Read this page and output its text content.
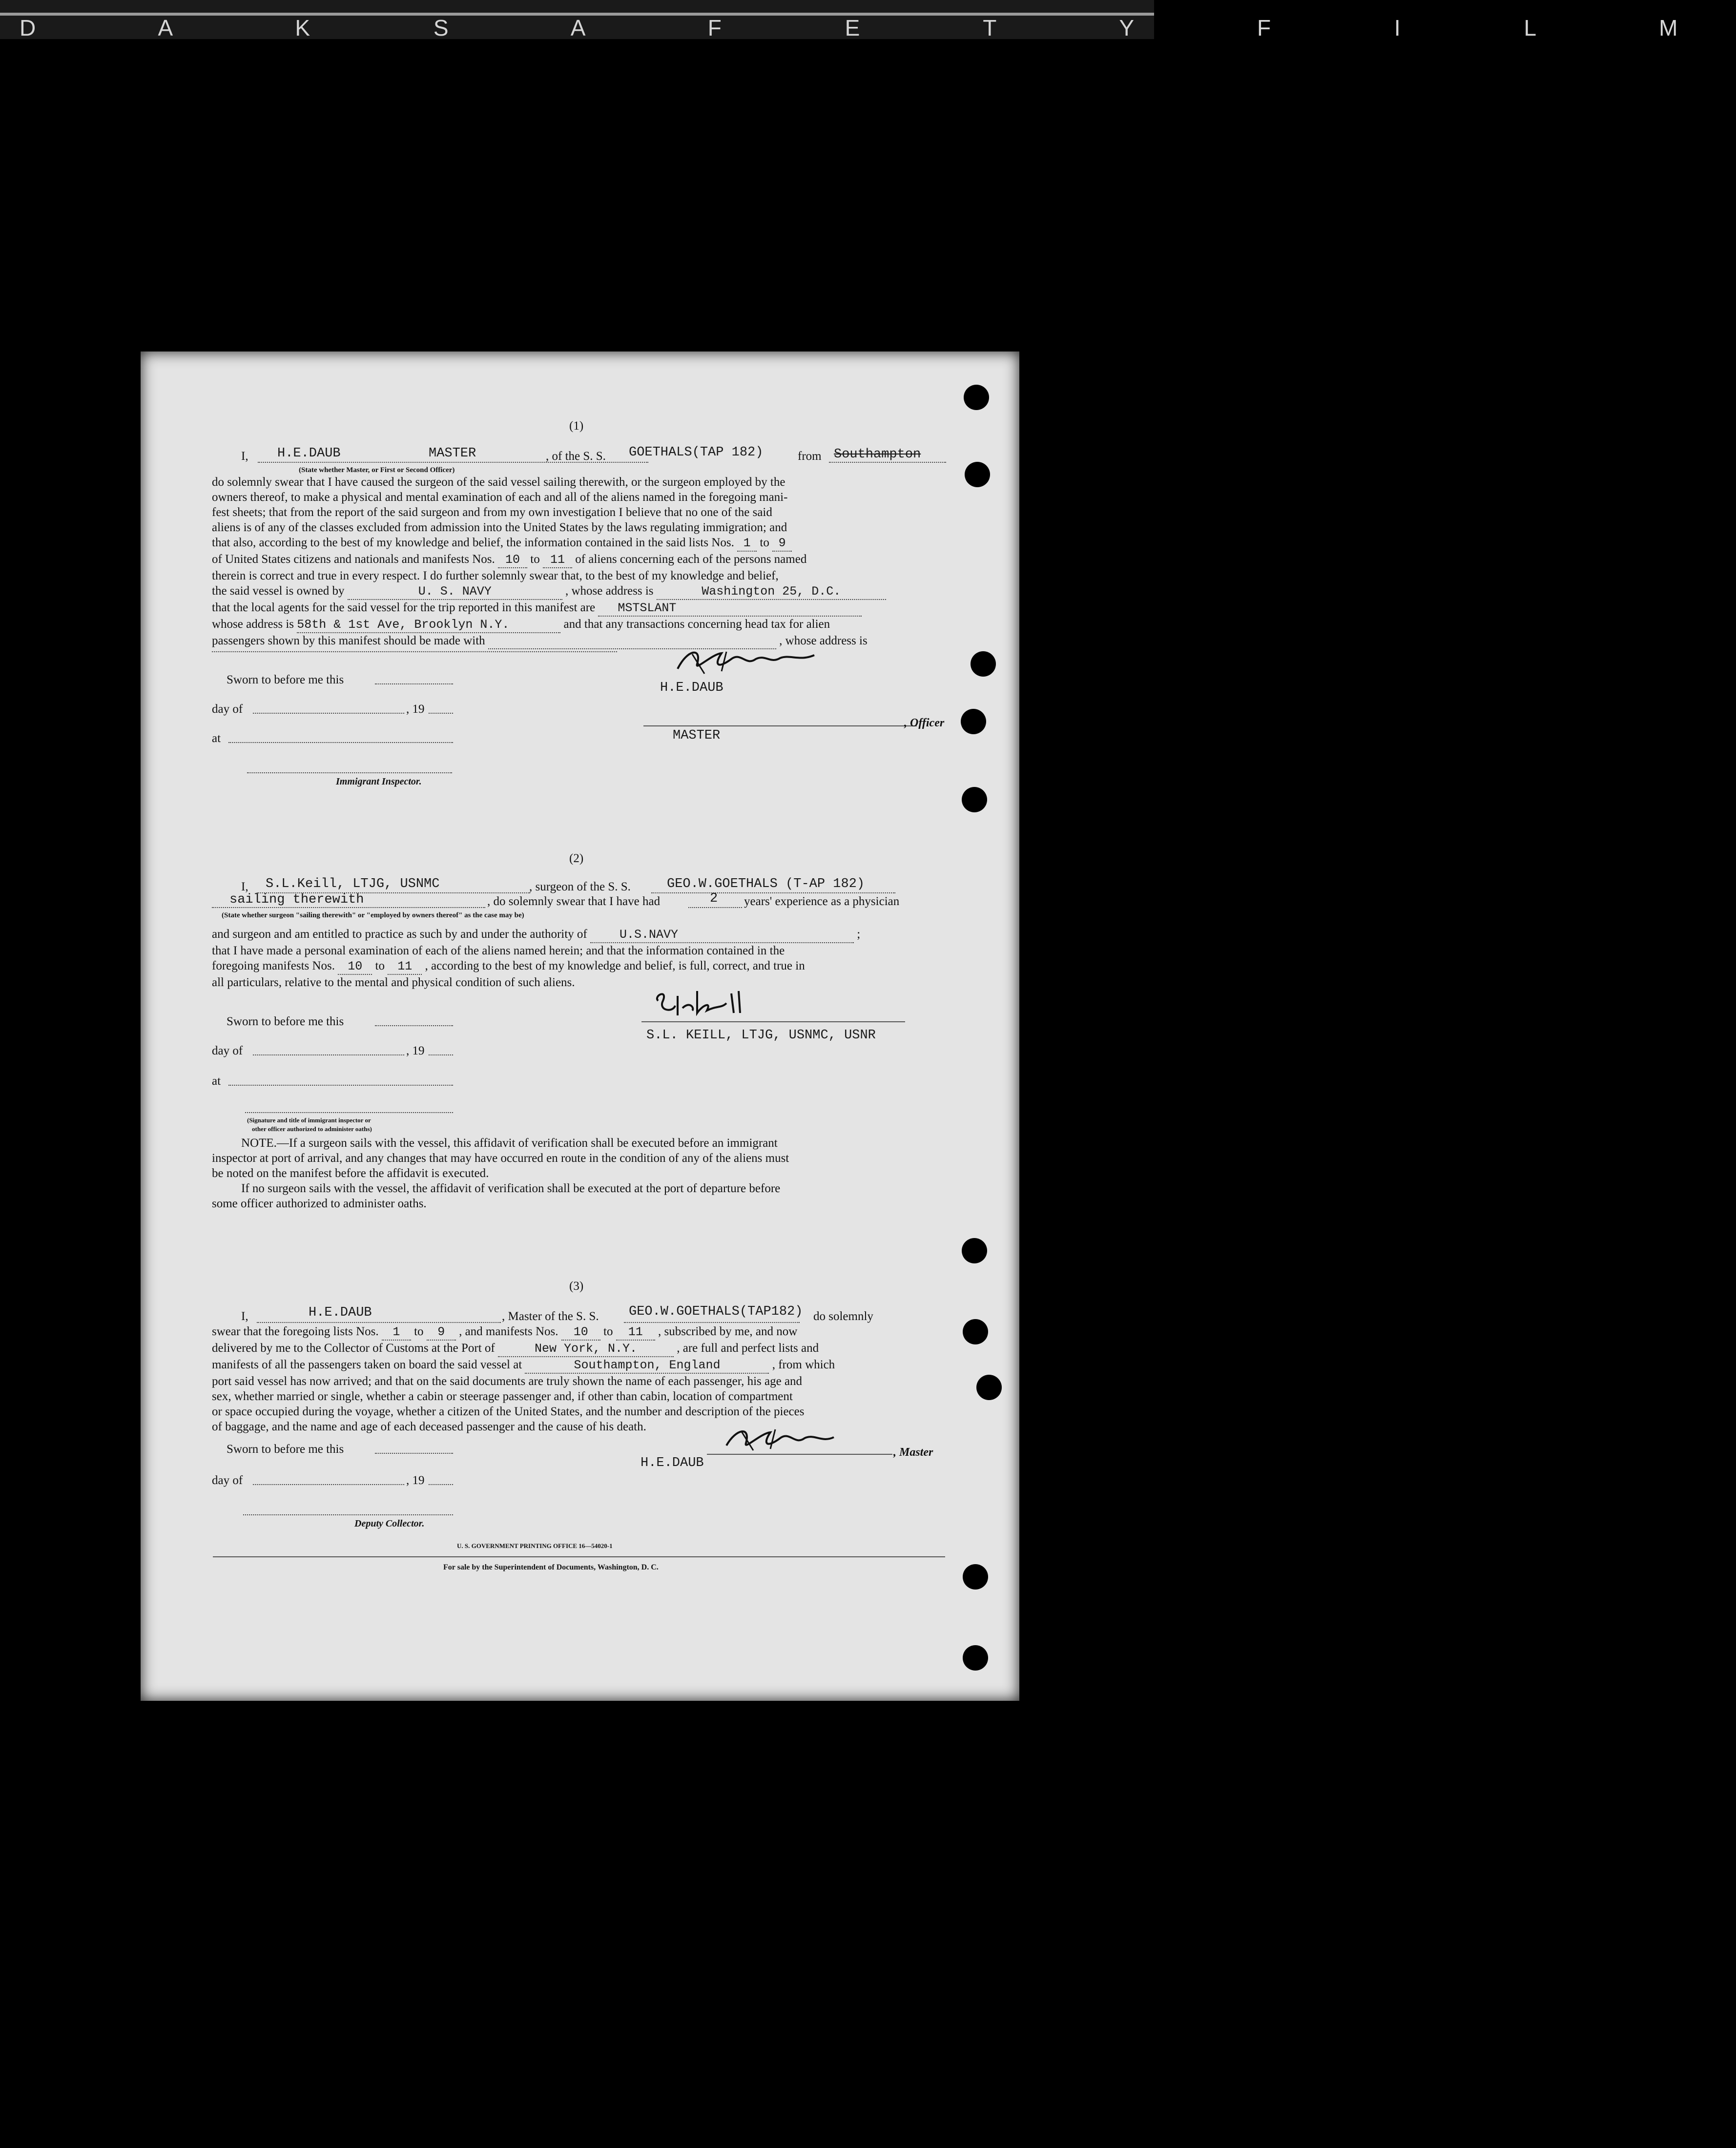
D A K S A F E T Y F I L M
(1)
I, H.E.DAUB	MASTER	, of the S. S. GOETHALS(TAP 182)	from Southampton
(State whether Master, or First or Second Officer)
do solemnly swear that I have caused the surgeon of the said vessel sailing therewith, or the surgeon employed by the
owners thereof, to make a physical and mental examination of each and all of the aliens named in the foregoing mani-
fest sheets; that from the report of the said surgeon and from my own investigation I believe that no one of the said
aliens is of any of the classes excluded from admission into the United States by the laws regulating immigration; and
that also, according to the best of my knowledge and belief, the information contained in the said lists Nos. 1 to 9
of United States citizens and nationals and manifests Nos. 10 to 11 of aliens concerning each of the persons named
therein is correct and true in every respect. I do further solemnly swear that, to the best of my knowledge and belief,
the said vessel is owned by	U. S. NAVY	, whose address is	Washington 25, D.C.
that the local agents for the said vessel for the trip reported in this manifest are MSTSLANT
whose address is 58th & 1st Ave, Brooklyn N.Y.	and that any transactions concerning head tax for alien
passengers shown by this manifest should be made with	, whose address is
Sworn to before me this
day of	, 19
at
Immigrant Inspector.
H.E.DAUB
, Officer
MASTER
(2)
I, S.L.Keill, LTJG, USNMC	, surgeon of the S. S.	GEO.W.GOETHALS (T-AP 182)
sailing therewith	, do solemnly swear that I have had	2 years' experience as a physician
(State whether surgeon "sailing therewith" or "employed by owners thereof" as the case may be)
and surgeon and am entitled to practice as such by and under the authority of	U.S.NAVY	;
that I have made a personal examination of each of the aliens named herein; and that the information contained in the
foregoing manifests Nos. 10 to 11 , according to the best of my knowledge and belief, is full, correct, and true in
all particulars, relative to the mental and physical condition of such aliens.
Sworn to before me this
day of	, 19
at
(Signature and title of immigrant inspector or
other officer authorized to administer oaths)
S.L. KEILL, LTJG, USNMC, USNR
NOTE.—If a surgeon sails with the vessel, this affidavit of verification shall be executed before an immigrant
inspector at port of arrival, and any changes that may have occurred en route in the condition of any of the aliens must
be noted on the manifest before the affidavit is executed.
If no surgeon sails with the vessel, the affidavit of verification shall be executed at the port of departure before
some officer authorized to administer oaths.
(3)
I,	H.E.DAUB	, Master of the S. S. GEO.W.GOETHALS(TAP182) do solemnly
swear that the foregoing lists Nos. 1 to 9 , and manifests Nos. 10 to 11 , subscribed by me, and now
delivered by me to the Collector of Customs at the Port of	New York, N.Y.	, are full and perfect lists and
manifests of all the passengers taken on board the said vessel at	Southampton, England	, from which
port said vessel has now arrived; and that on the said documents are truly shown the name of each passenger, his age and
sex, whether married or single, whether a cabin or steerage passenger and, if other than cabin, location of compartment
or space occupied during the voyage, whether a citizen of the United States, and the number and description of the pieces
of baggage, and the name and age of each deceased passenger and the cause of his death.
Sworn to before me this
day of	, 19
Deputy Collector.
, Master
H.E.DAUB
U. S. GOVERNMENT PRINTING OFFICE 16—54020-1
For sale by the Superintendent of Documents, Washington, D. C.
